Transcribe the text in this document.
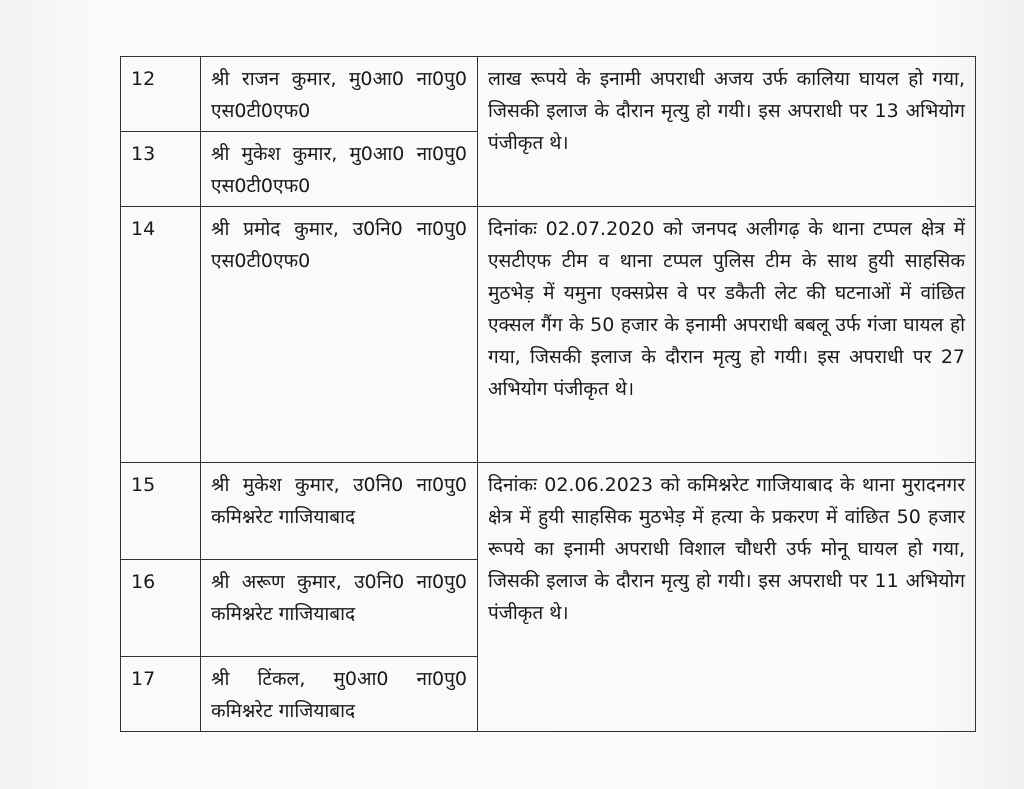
12	श्री राजन कुमार, मु0आ0 ना0पु0 एस0टी0एफ0	लाख रूपये के इनामी अपराधी अजय उर्फ कालिया घायल हो गया, जिसकी इलाज के दौरान मृत्यु हो गयी। इस अपराधी पर 13 अभियोग पंजीकृत थे।
13	श्री मुकेश कुमार, मु0आ0 ना0पु0 एस0टी0एफ0	
14	श्री प्रमोद कुमार, उ0नि0 ना0पु0 एस0टी0एफ0	दिनांकः 02.07.2020 को जनपद अलीगढ़ के थाना टप्पल क्षेत्र में एसटीएफ टीम व थाना टप्पल पुलिस टीम के साथ हुयी साहसिक मुठभेड़ में यमुना एक्सप्रेस वे पर डकैती लेट की घटनाओं में वांछित एक्सल गैंग के 50 हजार के इनामी अपराधी बबलू उर्फ गंजा घायल हो गया, जिसकी इलाज के दौरान मृत्यु हो गयी। इस अपराधी पर 27 अभियोग पंजीकृत थे।
15	श्री मुकेश कुमार, उ0नि0 ना0पु0 कमिश्नरेट गाजियाबाद	दिनांकः 02.06.2023 को कमिश्नरेट गाजियाबाद के थाना मुरादनगर क्षेत्र में हुयी साहसिक मुठभेड़ में हत्या के प्रकरण में वांछित 50 हजार रूपये का इनामी अपराधी विशाल चौधरी उर्फ मोनू घायल हो गया, जिसकी इलाज के दौरान मृत्यु हो गयी। इस अपराधी पर 11 अभियोग पंजीकृत थे।
16	श्री अरूण कुमार, उ0नि0 ना0पु0 कमिश्नरेट गाजियाबाद	
17	श्री टिंकल, मु0आ0 ना0पु0 कमिश्नरेट गाजियाबाद	
